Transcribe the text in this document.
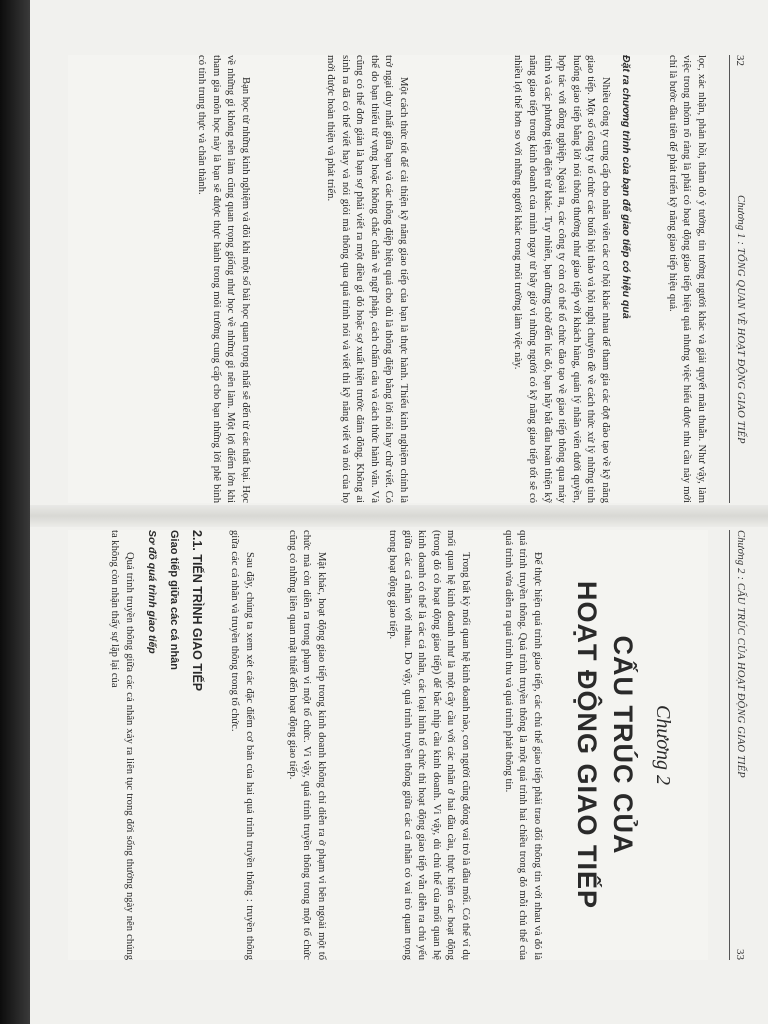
32
Chương 1 : TỔNG QUAN VỀ HOẠT ĐỘNG GIAO TIẾP
lọc, xác nhận, phản hồi, thăm dò ý tưởng, tìn tưởng người khác và giải quyết mâu thuẫn. Như vậy, làm việc trong nhóm rõ ràng là phải có hoạt động giao tiếp hiệu quả nhưng việc hiểu được nhu cầu này mới chỉ là bước đầu tiên để phát triển kỹ năng giao tiếp hiệu quả.
Đặt ra chương trình của bạn để giao tiếp có hiệu quả
Nhiều công ty cung cấp cho nhân viên các cơ hội khác nhau để tham gia các đợt đào tạo về kỹ năng giao tiếp. Một số công ty tổ chức các buổi hội thảo và hội nghị chuyên đề về cách thức xử lý những tình huống giao tiếp bằng lời nói thông thường như giao tiếp với khách hàng, quản lý nhân viên dưới quyền, hợp tác với đồng nghiệp. Ngoài ra, các công ty còn có thể tổ chức đào tạo về giao tiếp thông qua máy tính và các phương tiện điện tử khác. Tuy nhiên, bạn đừng chờ đến lúc đó, bạn hãy bắt đầu hoàn thiện kỹ năng giao tiếp trong kinh doanh của mình ngay từ bây giờ vì những người có kỹ năng giao tiếp tốt sẽ có nhiều lợi thế hơn so với những người khác trong môi trường làm việc này.
Một cách thức tốt để cải thiện kỹ năng giao tiếp của bạn là thực hành. Thiếu kinh nghiệm chính là trở ngại duy nhất giữa bạn và các thông điệp hiệu quả cho dù là thông điệp bằng lời nói hay chữ viết. Có thể do bạn thiếu từ vựng hoặc không chắc chắn về ngữ pháp, cách chấm câu và cách thức hành văn. Và cũng có thể đơn giản là bạn sợ phải viết ra một điều gì đó hoặc sợ xuất hiện trước đám đông. Không ai sinh ra đã có thể viết hay và nói giỏi mà thông qua quá trình nói và viết thì kỹ năng viết và nói của họ mới được hoàn thiện và phát triển.
Bạn học từ những kinh nghiệm và đôi khi một số bài học quan trọng nhất sẽ đến từ các thất bại. Học về những gì không nên làm cũng quan trọng giống như học về những gì nên làm. Một lợi điểm lớn khi tham gia môn học này là bạn sẽ được thực hành trong môi trường cung cấp cho bạn những lời phê bình có tính trung thực và chân thành.
Chương 2 : CẤU TRÚC CỦA HOẠT ĐỘNG GIAO TIẾP
33
Chương 2
CẤU TRÚC CỦA
HOẠT ĐỘNG GIAO TIẾP
Để thực hiện quá trình giao tiếp, các chủ thể giao tiếp phải trao đổi thông tin với nhau và đó là quá trình truyền thông. Quá trình truyền thông là một quá trình hai chiều trong đó mỗi chủ thể của quá trình vừa diễn ra quá trình thu và quá trình phát thông tin.
Trong bất kỳ mối quan hệ kinh doanh nào, con người cũng đóng vai trò là đầu mối. Có thể ví dụ mối quan hệ kinh doanh như là một cây cầu với các nhân ở hai đầu cầu, thực hiện các hoạt động (trong đó có hoạt động giao tiếp) để bắc nhịp cầu kinh doanh. Vì vậy, dù chủ thể của mối quan hệ kinh doanh có thể là các cá nhân, các loại hình tổ chức thì hoạt động giao tiếp vẫn diễn ra chủ yếu giữa các cá nhân với nhau. Do vậy, quá trình truyền thông giữa các cá nhân có vai trò quan trọng trong hoạt động giao tiếp.
Mặt khác, hoạt động giao tiếp trong kinh doanh không chỉ diễn ra ở phạm vi bên ngoài một tổ chức mà còn diễn ra trong phạm vi một tổ chức. Vì vậy, quá trình truyền thông trong một tổ chức cũng có những liên quan mật thiết đến hoạt động giao tiếp.
Sau đây, chúng ta xem xét các đặc điểm cơ bản của hai quá trình truyền thông : truyền thông giữa các cá nhân và truyền thông trong tổ chức.
2.1. TIẾN TRÌNH GIAO TIẾP
Giao tiếp giữa các cá nhân
Sơ đồ quá trình giao tiếp
Quá trình truyền thông giữa các cá nhân xảy ra liên tục trong đời sống thường ngày nên chúng ta không còn nhận thấy sự lặp lại của
